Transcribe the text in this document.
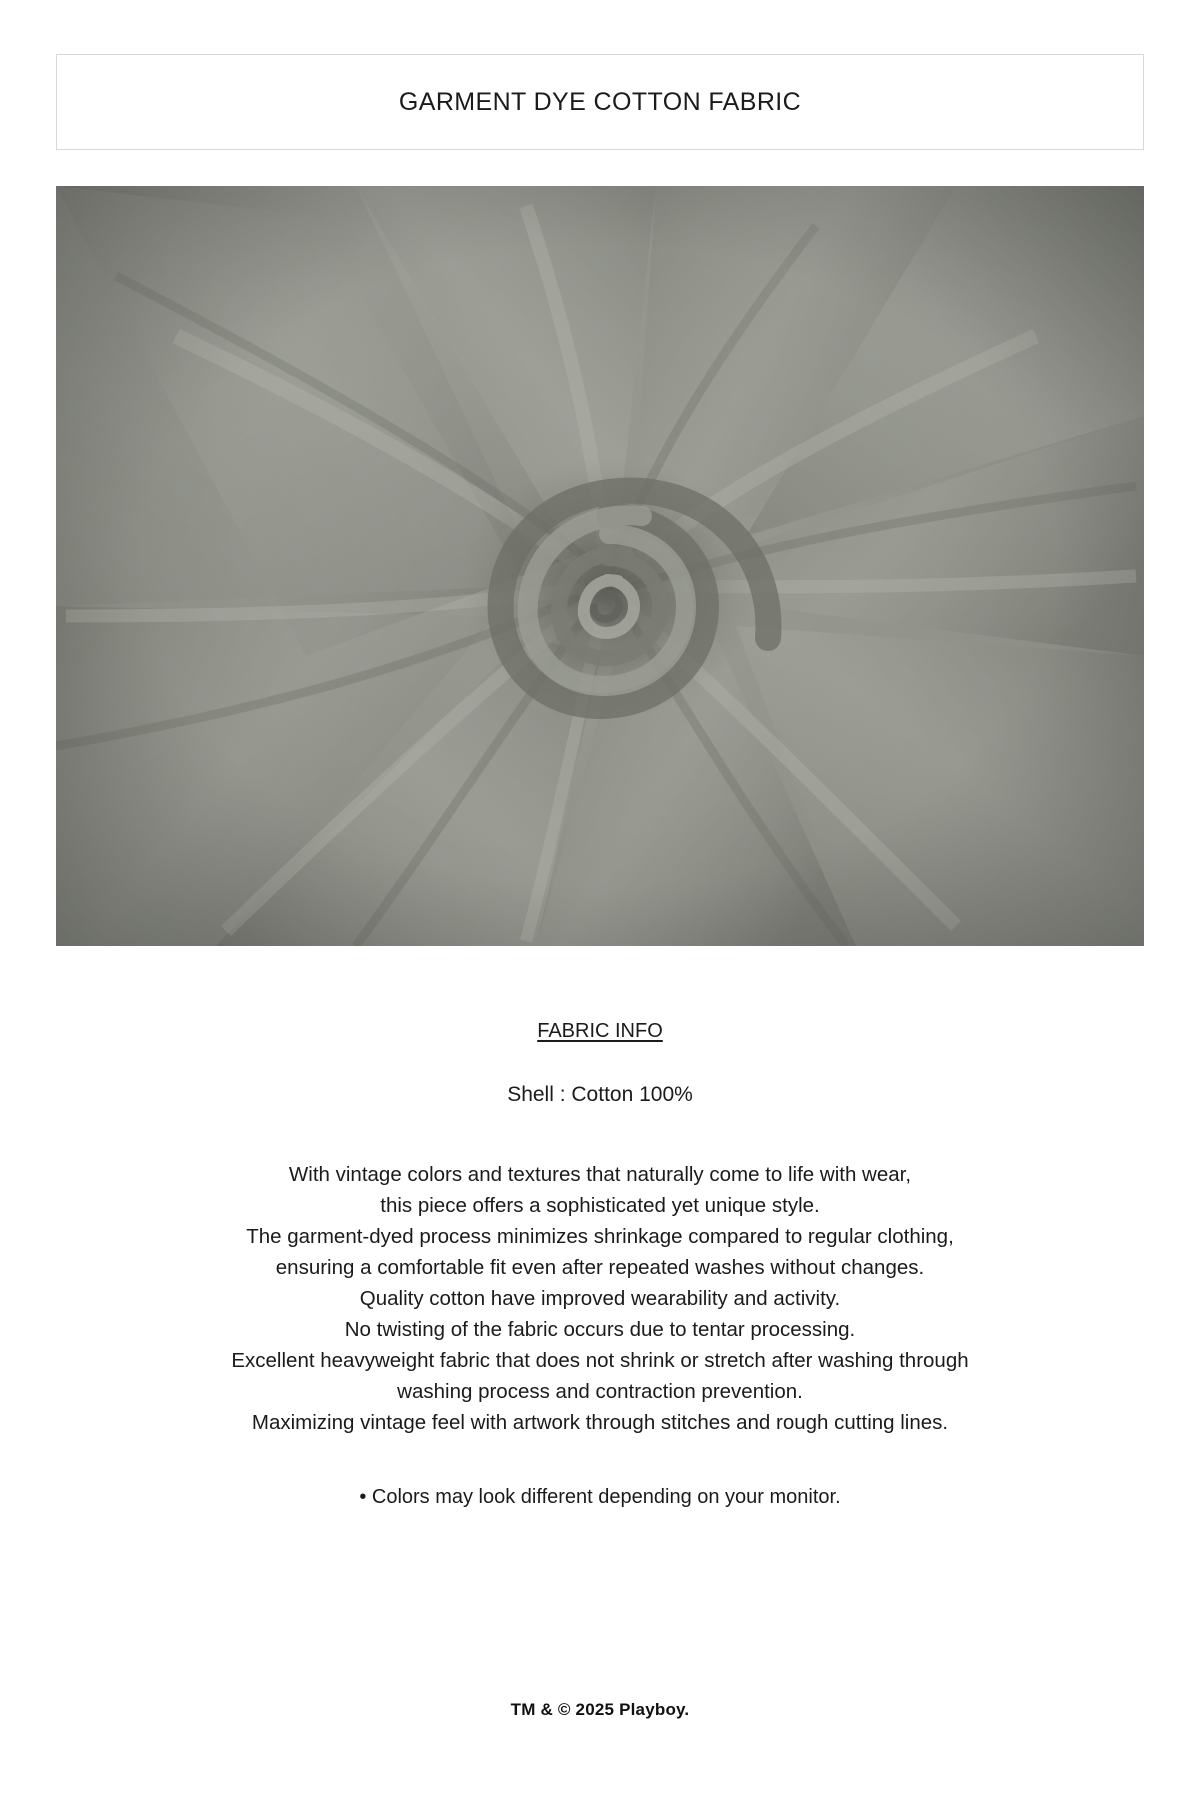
GARMENT DYE COTTON FABRIC
FABRIC INFO
Shell : Cotton 100%
With vintage colors and textures that naturally come to life with wear,
this piece offers a sophisticated yet unique style.
The garment-dyed process minimizes shrinkage compared to regular clothing,
ensuring a comfortable fit even after repeated washes without changes.
Quality cotton have improved wearability and activity.
No twisting of the fabric occurs due to tentar processing.
Excellent heavyweight fabric that does not shrink or stretch after washing through
washing process and contraction prevention.
Maximizing vintage feel with artwork through stitches and rough cutting lines.
• Colors may look different depending on your monitor.
TM & © 2025 Playboy.
